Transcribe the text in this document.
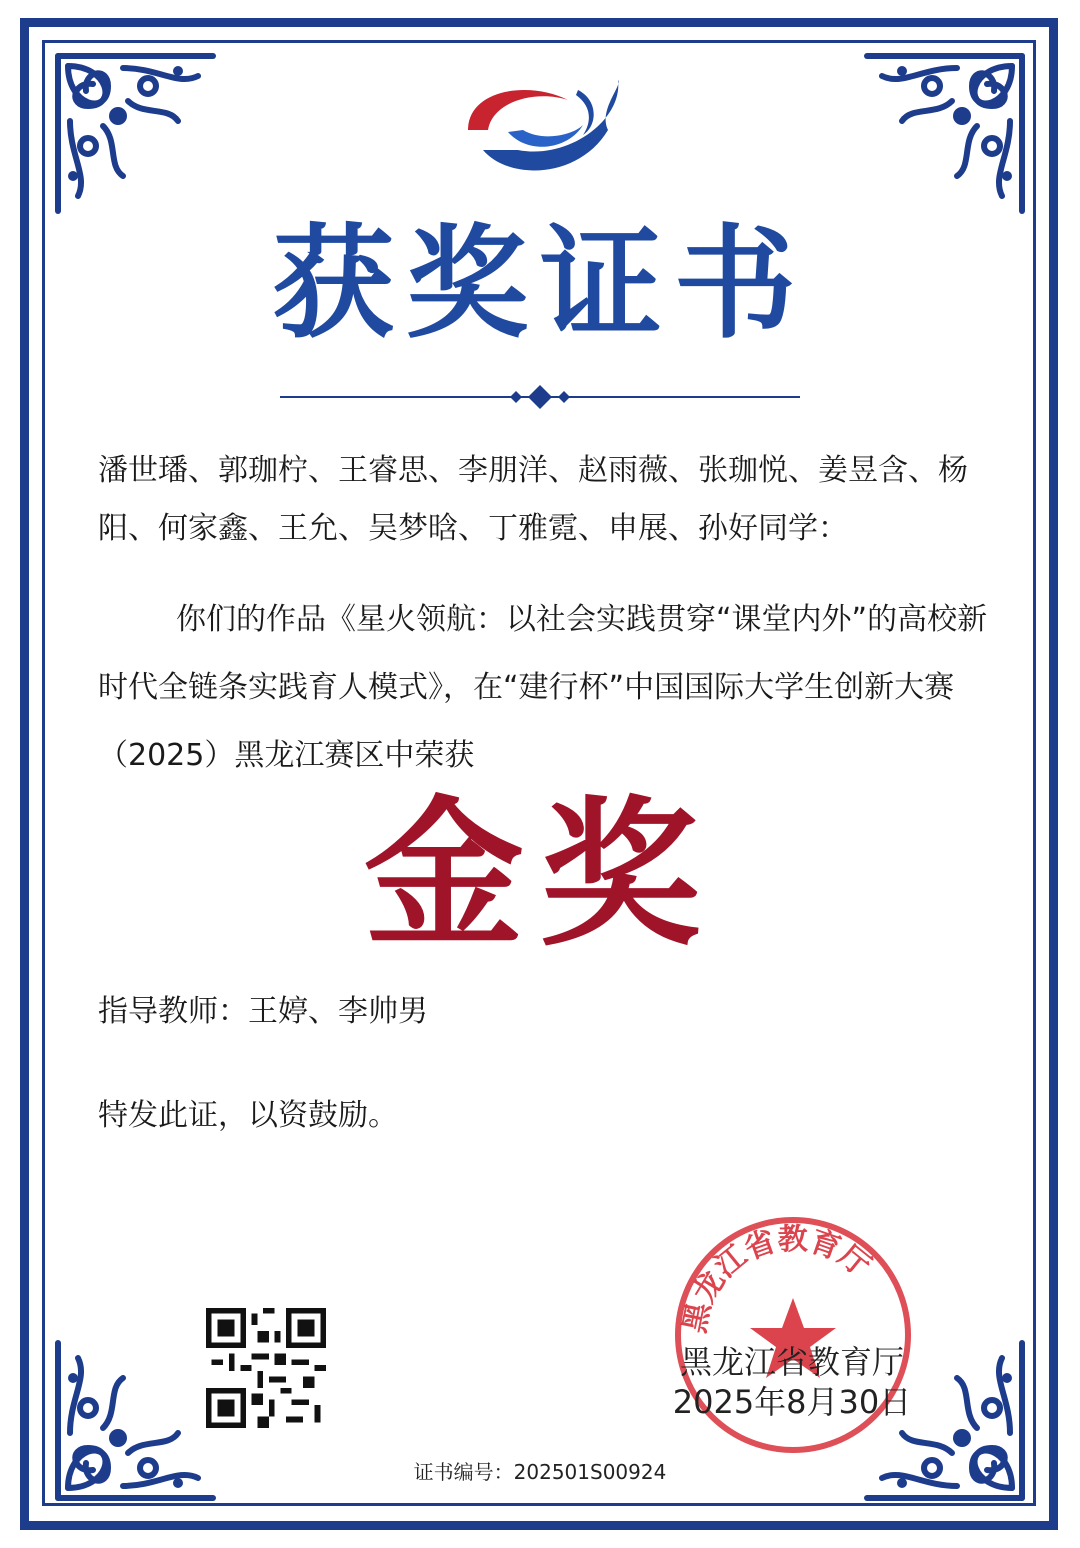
获奖证书
潘世璠、郭珈柠、王睿思、李朋洋、赵雨薇、张珈悦、姜昱含、杨阳、何家鑫、王允、吴梦晗、丁雅霓、申展、孙好同学：
你们的作品《星火领航：以社会实践贯穿“课堂内外”的高校新时代全链条实践育人模式》，在“建行杯”中国国际大学生创新大赛（2025）黑龙江赛区中荣获
金奖
指导教师：王婷、李帅男
特发此证，以资鼓励。
黑龙江省教育厅
黑龙江省教育厅
2025年8月30日
证书编号：202501S00924
